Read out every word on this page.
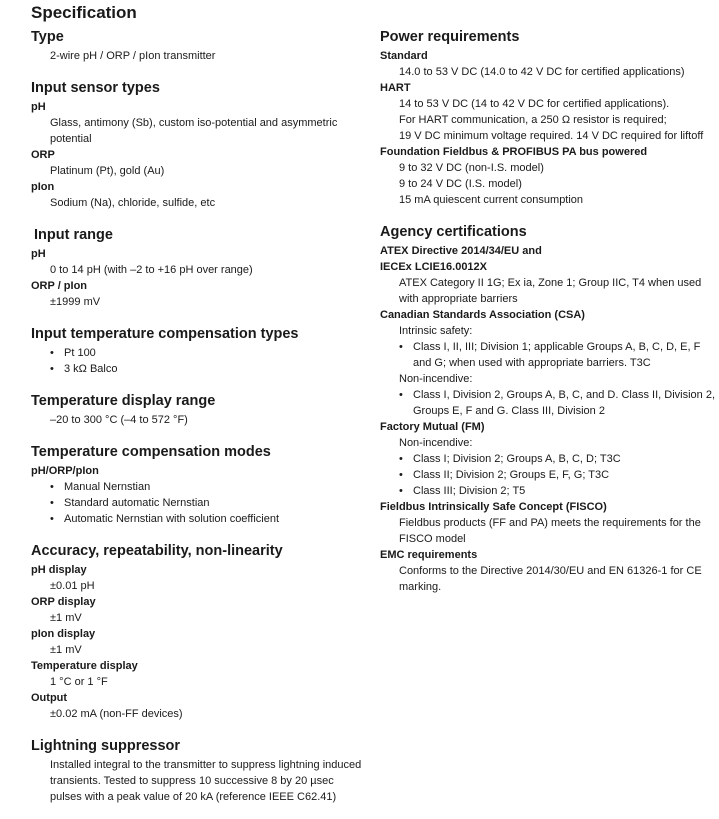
Specification
Type
2-wire pH / ORP / pIon transmitter
Input sensor types
pH
Glass, antimony (Sb), custom iso-potential and asymmetric potential
ORP
Platinum (Pt), gold (Au)
pIon
Sodium (Na), chloride, sulfide, etc
Input range
pH
0 to 14 pH (with –2 to +16 pH over range)
ORP / pIon
±1999 mV
Input temperature compensation types
• Pt 100
• 3 kΩ Balco
Temperature display range
–20 to 300 °C (–4 to 572 °F)
Temperature compensation modes
pH/ORP/pIon
• Manual Nernstian
• Standard automatic Nernstian
• Automatic Nernstian with solution coefficient
Accuracy, repeatability, non-linearity
pH display
±0.01 pH
ORP display
±1 mV
pIon display
±1 mV
Temperature display
1 °C or 1 °F
Output
±0.02 mA (non-FF devices)
Lightning suppressor
Installed integral to the transmitter to suppress lightning induced transients. Tested to suppress 10 successive 8 by 20 µsec pulses with a peak value of 20 kA (reference IEEE C62.41)
Power requirements
Standard
14.0 to 53 V DC (14.0 to 42 V DC for certified applications)
HART
14 to 53 V DC (14 to 42 V DC for certified applications).
For HART communication, a 250 Ω resistor is required;
19 V DC minimum voltage required. 14 V DC required for liftoff
Foundation Fieldbus & PROFIBUS PA bus powered
9 to 32 V DC (non-I.S. model)
9 to 24 V DC (I.S. model)
15 mA quiescent current consumption
Agency certifications
ATEX Directive 2014/34/EU and
IECEx LCIE16.0012X
ATEX Category II 1G; Ex ia, Zone 1; Group IIC, T4 when used with appropriate barriers
Canadian Standards Association (CSA)
Intrinsic safety:
• Class I, II, III; Division 1; applicable Groups A, B, C, D, E, F and G; when used with appropriate barriers. T3C
Non-incendive:
• Class I, Division 2, Groups A, B, C, and D. Class II, Division 2, Groups E, F and G. Class III, Division 2
Factory Mutual (FM)
Non-incendive:
• Class I; Division 2; Groups A, B, C, D; T3C
• Class II; Division 2; Groups E, F, G; T3C
• Class III; Division 2; T5
Fieldbus Intrinsically Safe Concept (FISCO)
Fieldbus products (FF and PA) meets the requirements for the FISCO model
EMC requirements
Conforms to the Directive 2014/30/EU and EN 61326-1 for CE marking.
